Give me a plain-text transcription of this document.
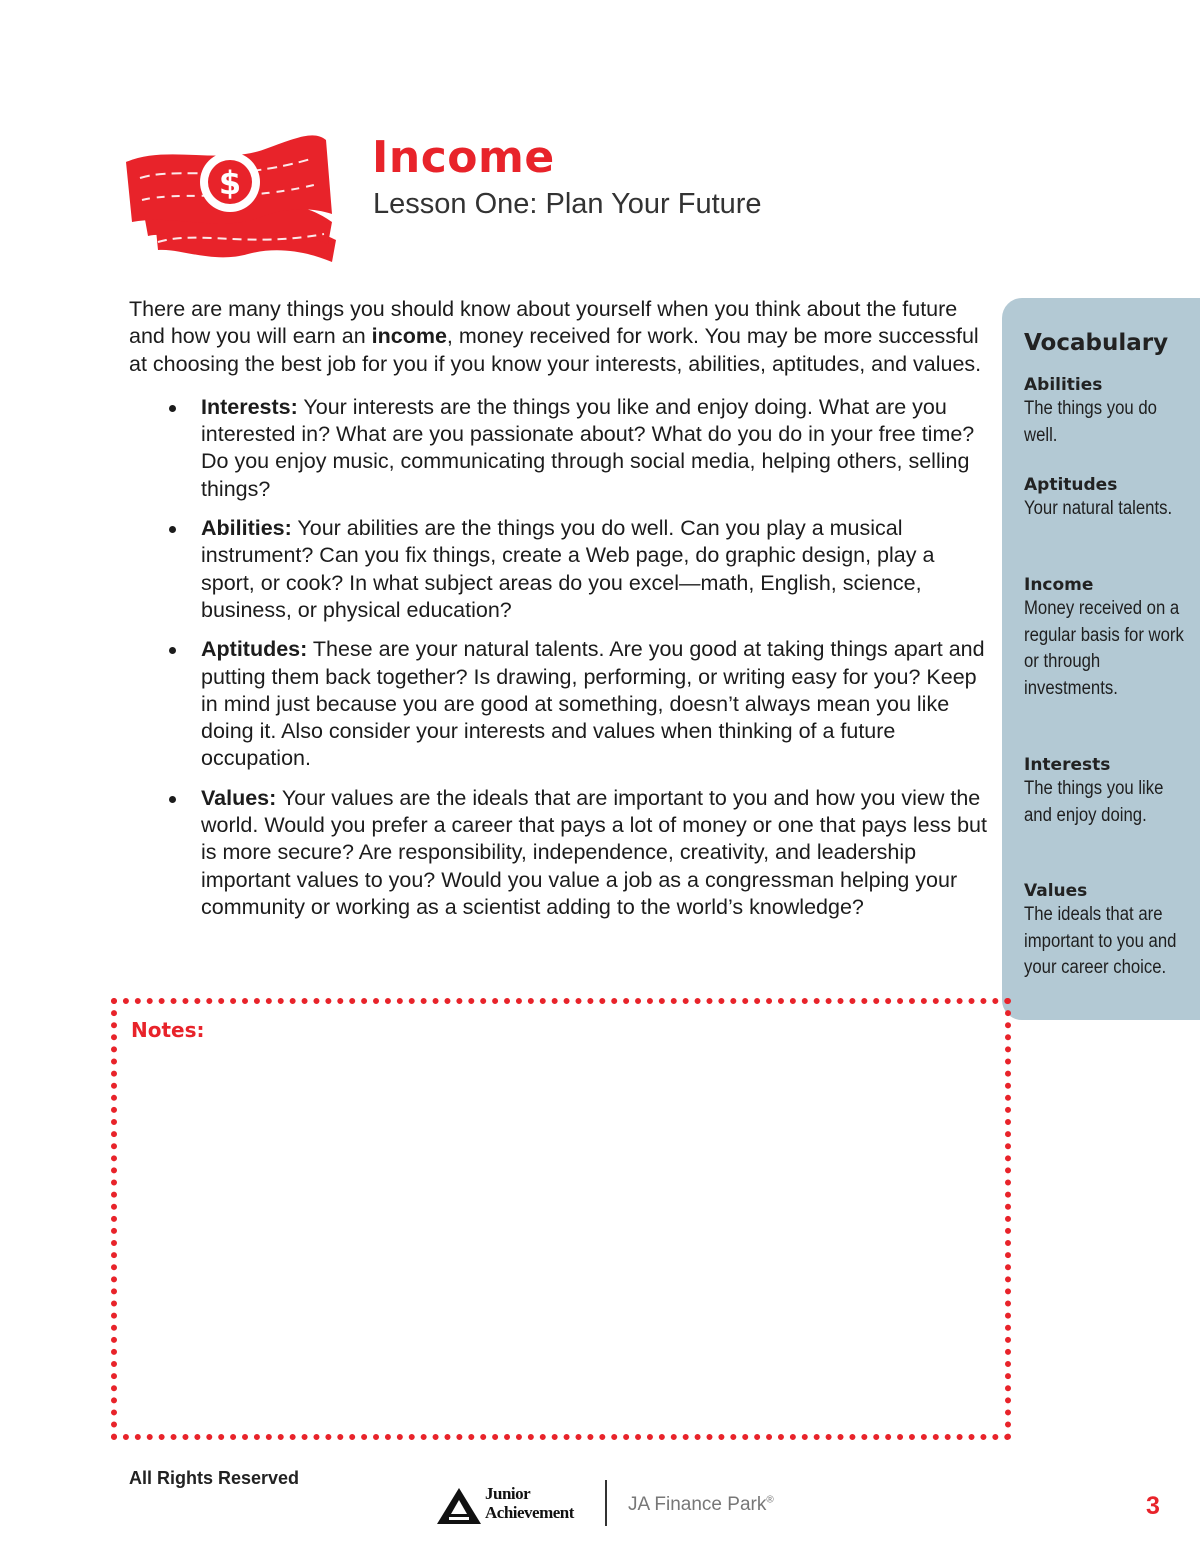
$	Income
Lesson One: Plan Your Future

There are many things you should know about yourself when you think about the future and how you will earn an income, money received for work. You may be more successful at choosing the best job for you if you know your interests, abilities, aptitudes, and values.

Interests: Your interests are the things you like and enjoy doing. What are you interested in? What are you passionate about? What do you do in your free time? Do you enjoy music, communicating through social media, helping others, selling things?
Abilities: Your abilities are the things you do well. Can you play a musical instrument? Can you fix things, create a Web page, do graphic design, play a sport, or cook? In what subject areas do you excel—math, English, science, business, or physical education?
Aptitudes: These are your natural talents. Are you good at taking things apart and putting them back together? Is drawing, performing, or writing easy for you? Keep in mind just because you are good at something, doesn’t always mean you like doing it. Also consider your interests and values when thinking of a future occupation.
Values: Your values are the ideals that are important to you and how you view the world. Would you prefer a career that pays a lot of money or one that pays less but is more secure? Are responsibility, independence, creativity, and leadership important values to you? Would you value a job as a congressman helping your community or working as a scientist adding to the world’s knowledge?
Vocabulary
Abilities
The things you do well.
Aptitudes
Your natural talents.
Income
Money received on a regular basis for work or through investments.
Interests
The things you like and enjoy doing.
Values
The ideals that are important to you and your career choice.

Notes:

All Rights Reserved

Junior
Achievement	JA Finance Park®	3
